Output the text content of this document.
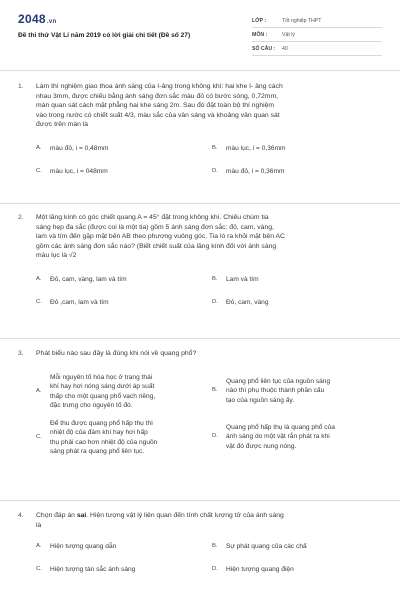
2048.vn
Đề thi thử Vật Lí năm 2019 có lời giải chi tiết (Đề số 27)
LỚP :	Tốt nghiệp THPT
MÔN :	Vật lý
SỐ CÂU :	40
1.	Làm thí nghiệm giao thoa ánh sáng của I-âng trong không khí: hai khe I- âng cách
nhau 3mm, được chiếu bằng ánh sáng đơn sắc màu đỏ có bước sóng, 0,72mm,
màn quan sát cách mặt phẳng hai khe sáng 2m. Sau đó đặt toàn bộ thí nghiệm
vào trong nước có chiết suất 4/3, màu sắc của vân sáng và khoảng vân quan sát
được trên màn là
A.	màu đỏ, i = 0,48mm	B.	màu lục, i = 0,36mm
C.	màu lục, i = 048mm	D.	màu đỏ, i = 0,36mm
2.	Một lăng kính có góc chiết quang A = 45° đặt trong không khí. Chiếu chùm tia
sáng hẹp đa sắc (được coi là một tia) gồm 5 ánh sáng đơn sắc: đỏ, cam, vàng,
lam và tím đến gặp mặt bên AB theo phương vuông góc. Tia ló ra khỏi mặt bên AC
gồm các ánh sáng đơn sắc nào? (Biết chiết suất của lăng kính đối với ánh sáng
màu lục là √2
A.	Đỏ, cam, vàng, lam và tím	B.	Lam và tím
C.	Đỏ ,cam, lam và tím	D.	Đỏ, cam, vàng
3.	Phát biểu nào sau đây là đúng khi nói về quang phổ?
A.
Mỗi nguyên tố hóa học ở trạng thái
khí hay hơi nóng sáng dưới áp suất
thấp cho một quang phổ vạch riêng,
đặc trưng cho nguyên tố đó.
B.
Quang phổ liên tục của nguồn sáng
nào thì phụ thuộc thành phần cấu
tạo của nguồn sáng ấy.
C.
Để thu được quang phổ hấp thụ thì
nhiệt độ của đám khí hay hơi hấp
thụ phải cao hơn nhiệt độ của nguồn
sáng phát ra quang phổ liên tục.
D.
Quang phổ hấp thụ là quang phổ của
ánh sáng do một vật rắn phát ra khi
vật đó được nung nóng.
4.	Chọn đáp án sai. Hiện tượng vật lý liên quan đến tính chất lượng tử của ánh sáng
là
A.	Hiện tượng quang dẫn	B.	Sự phát quang của các chấ
C.	Hiện tượng tán sắc ánh sáng	D.	Hiện tượng quang điện
